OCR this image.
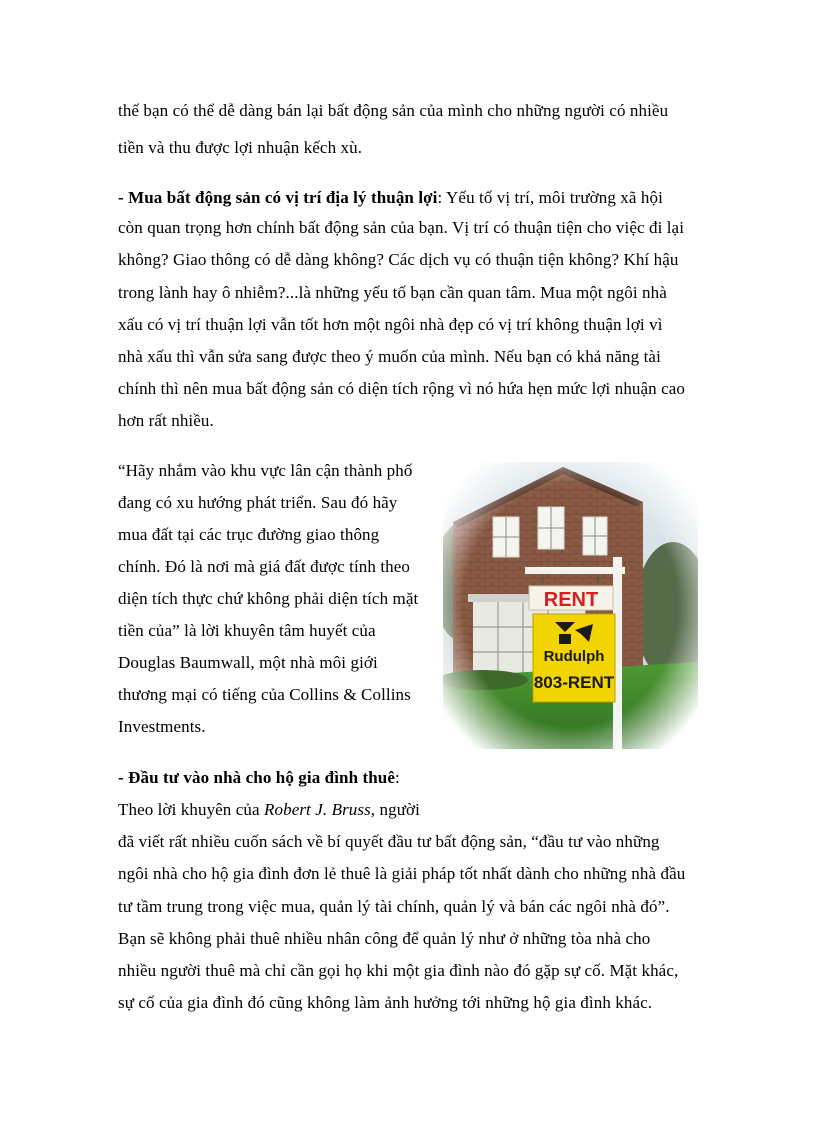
thế bạn có thể dễ dàng bán lại bất động sản của mình cho những người có nhiều
tiền và thu được lợi nhuận kếch xù.
- Mua bất động sản có vị trí địa lý thuận lợi: Yếu tố vị trí, môi trường xã hội
còn quan trọng hơn chính bất động sản của bạn. Vị trí có thuận tiện cho việc đi lại
không? Giao thông có dễ dàng không? Các dịch vụ có thuận tiện không? Khí hậu
trong lành hay ô nhiễm?...là những yếu tố bạn cần quan tâm. Mua một ngôi nhà
xấu có vị trí thuận lợi vẫn tốt hơn một ngôi nhà đẹp có vị trí không thuận lợi vì
nhà xấu thì vẫn sửa sang được theo ý muốn của mình. Nếu bạn có khả năng tài
chính thì nên mua bất động sản có diện tích rộng vì nó hứa hẹn mức lợi nhuận cao
hơn rất nhiều.
“Hãy nhắm vào khu vực lân cận thành phố
đang có xu hướng phát triển. Sau đó hãy
mua đất tại các trục đường giao thông
chính. Đó là nơi mà giá đất được tính theo
diện tích thực chứ không phải diện tích mặt
tiền của” là lời khuyên tâm huyết của
Douglas Baumwall, một nhà môi giới
thương mại có tiếng của Collins & Collins
Investments.
- Đầu tư vào nhà cho hộ gia đình thuê:
Theo lời khuyên của Robert J. Bruss, người
đã viết rất nhiều cuốn sách về bí quyết đầu tư bất động sản, “đầu tư vào những
ngôi nhà cho hộ gia đình đơn lẻ thuê là giải pháp tốt nhất dành cho những nhà đầu
tư tầm trung trong việc mua, quản lý tài chính, quản lý và bán các ngôi nhà đó”.
Bạn sẽ không phải thuê nhiều nhân công để quản lý như ở những tòa nhà cho
nhiều người thuê mà chỉ cần gọi họ khi một gia đình nào đó gặp sự cố. Mặt khác,
sự cố của gia đình đó cũng không làm ảnh hưởng tới những hộ gia đình khác.
